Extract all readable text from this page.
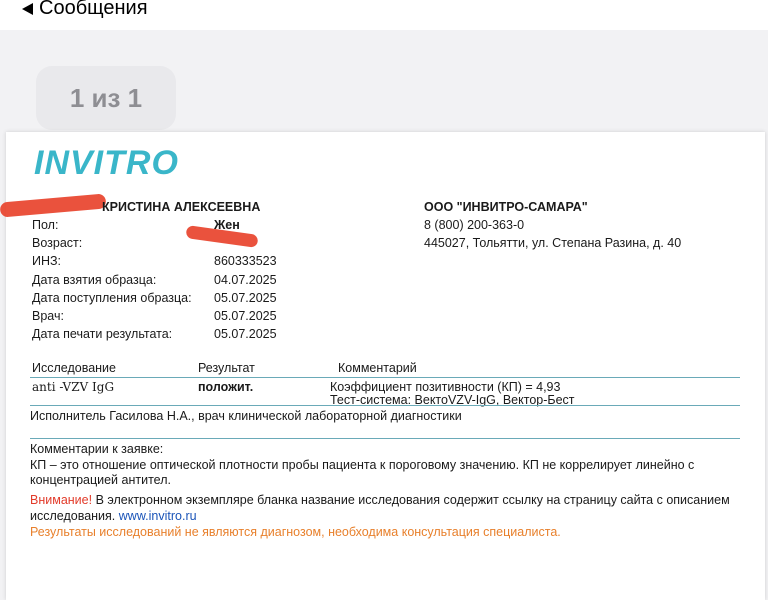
Сообщения
1 из 1
INVITRO
КРИСТИНА АЛЕКСЕЕВНА
Пол:	Жен
Возраст:
ИНЗ:	860333523
Дата взятия образца:	04.07.2025
Дата поступления образца: 05.07.2025
Врач:	05.07.2025
Дата печати результата:	05.07.2025
ООО "ИНВИТРО-САМАРА"
8 (800) 200-363-0
445027, Тольятти, ул. Степана Разина, д. 40
Исследование	Результат	Комментарий
anti -VZV IgG	положит.	Коэффициент позитивности (КП) = 4,93
Тест-система: ВектоVZV-IgG, Вектор-Бест
Исполнитель Гасилова Н.А., врач клинической лабораторной диагностики
Комментарии к заявке:
КП – это отношение оптической плотности пробы пациента к пороговому значению. КП не коррелирует линейно с
концентрацией антител.
Внимание! В электронном экземпляре бланка название исследования содержит ссылку на страницу сайта с описанием
исследования. www.invitro.ru
Результаты исследований не являются диагнозом, необходима консультация специалиста.
